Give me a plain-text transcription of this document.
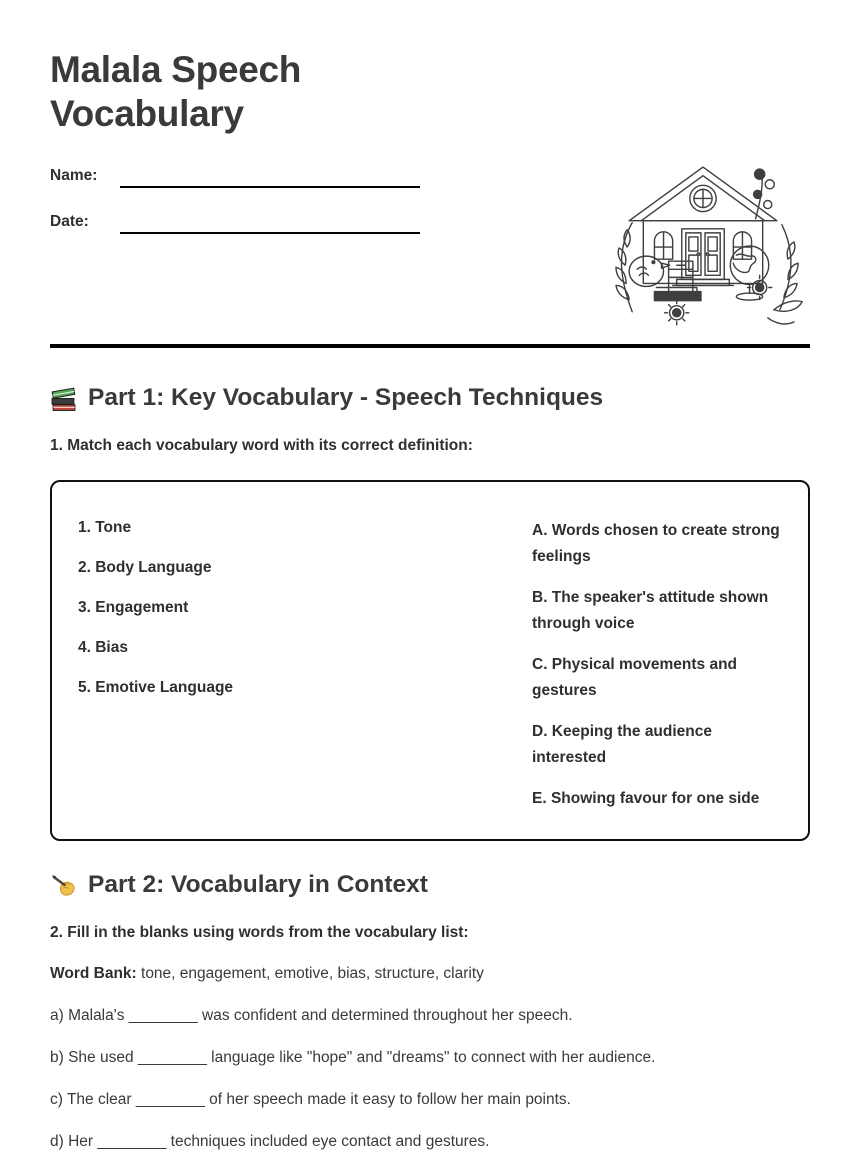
Malala Speech Vocabulary
Name:
Date:
Part 1: Key Vocabulary - Speech Techniques

1. Match each vocabulary word with its correct definition:

1. Tone

2. Body Language

3. Engagement

4. Bias

5. Emotive Language

A. Words chosen to create strong feelings

B. The speaker's attitude shown through voice

C. Physical movements and gestures

D. Keeping the audience interested

E. Showing favour for one side

Part 2: Vocabulary in Context

2. Fill in the blanks using words from the vocabulary list:

Word Bank: tone, engagement, emotive, bias, structure, clarity

a) Malala's ________ was confident and determined throughout her speech.

b) She used ________ language like "hope" and "dreams" to connect with her audience.

c) The clear ________ of her speech made it easy to follow her main points.

d) Her ________ techniques included eye contact and gestures.
